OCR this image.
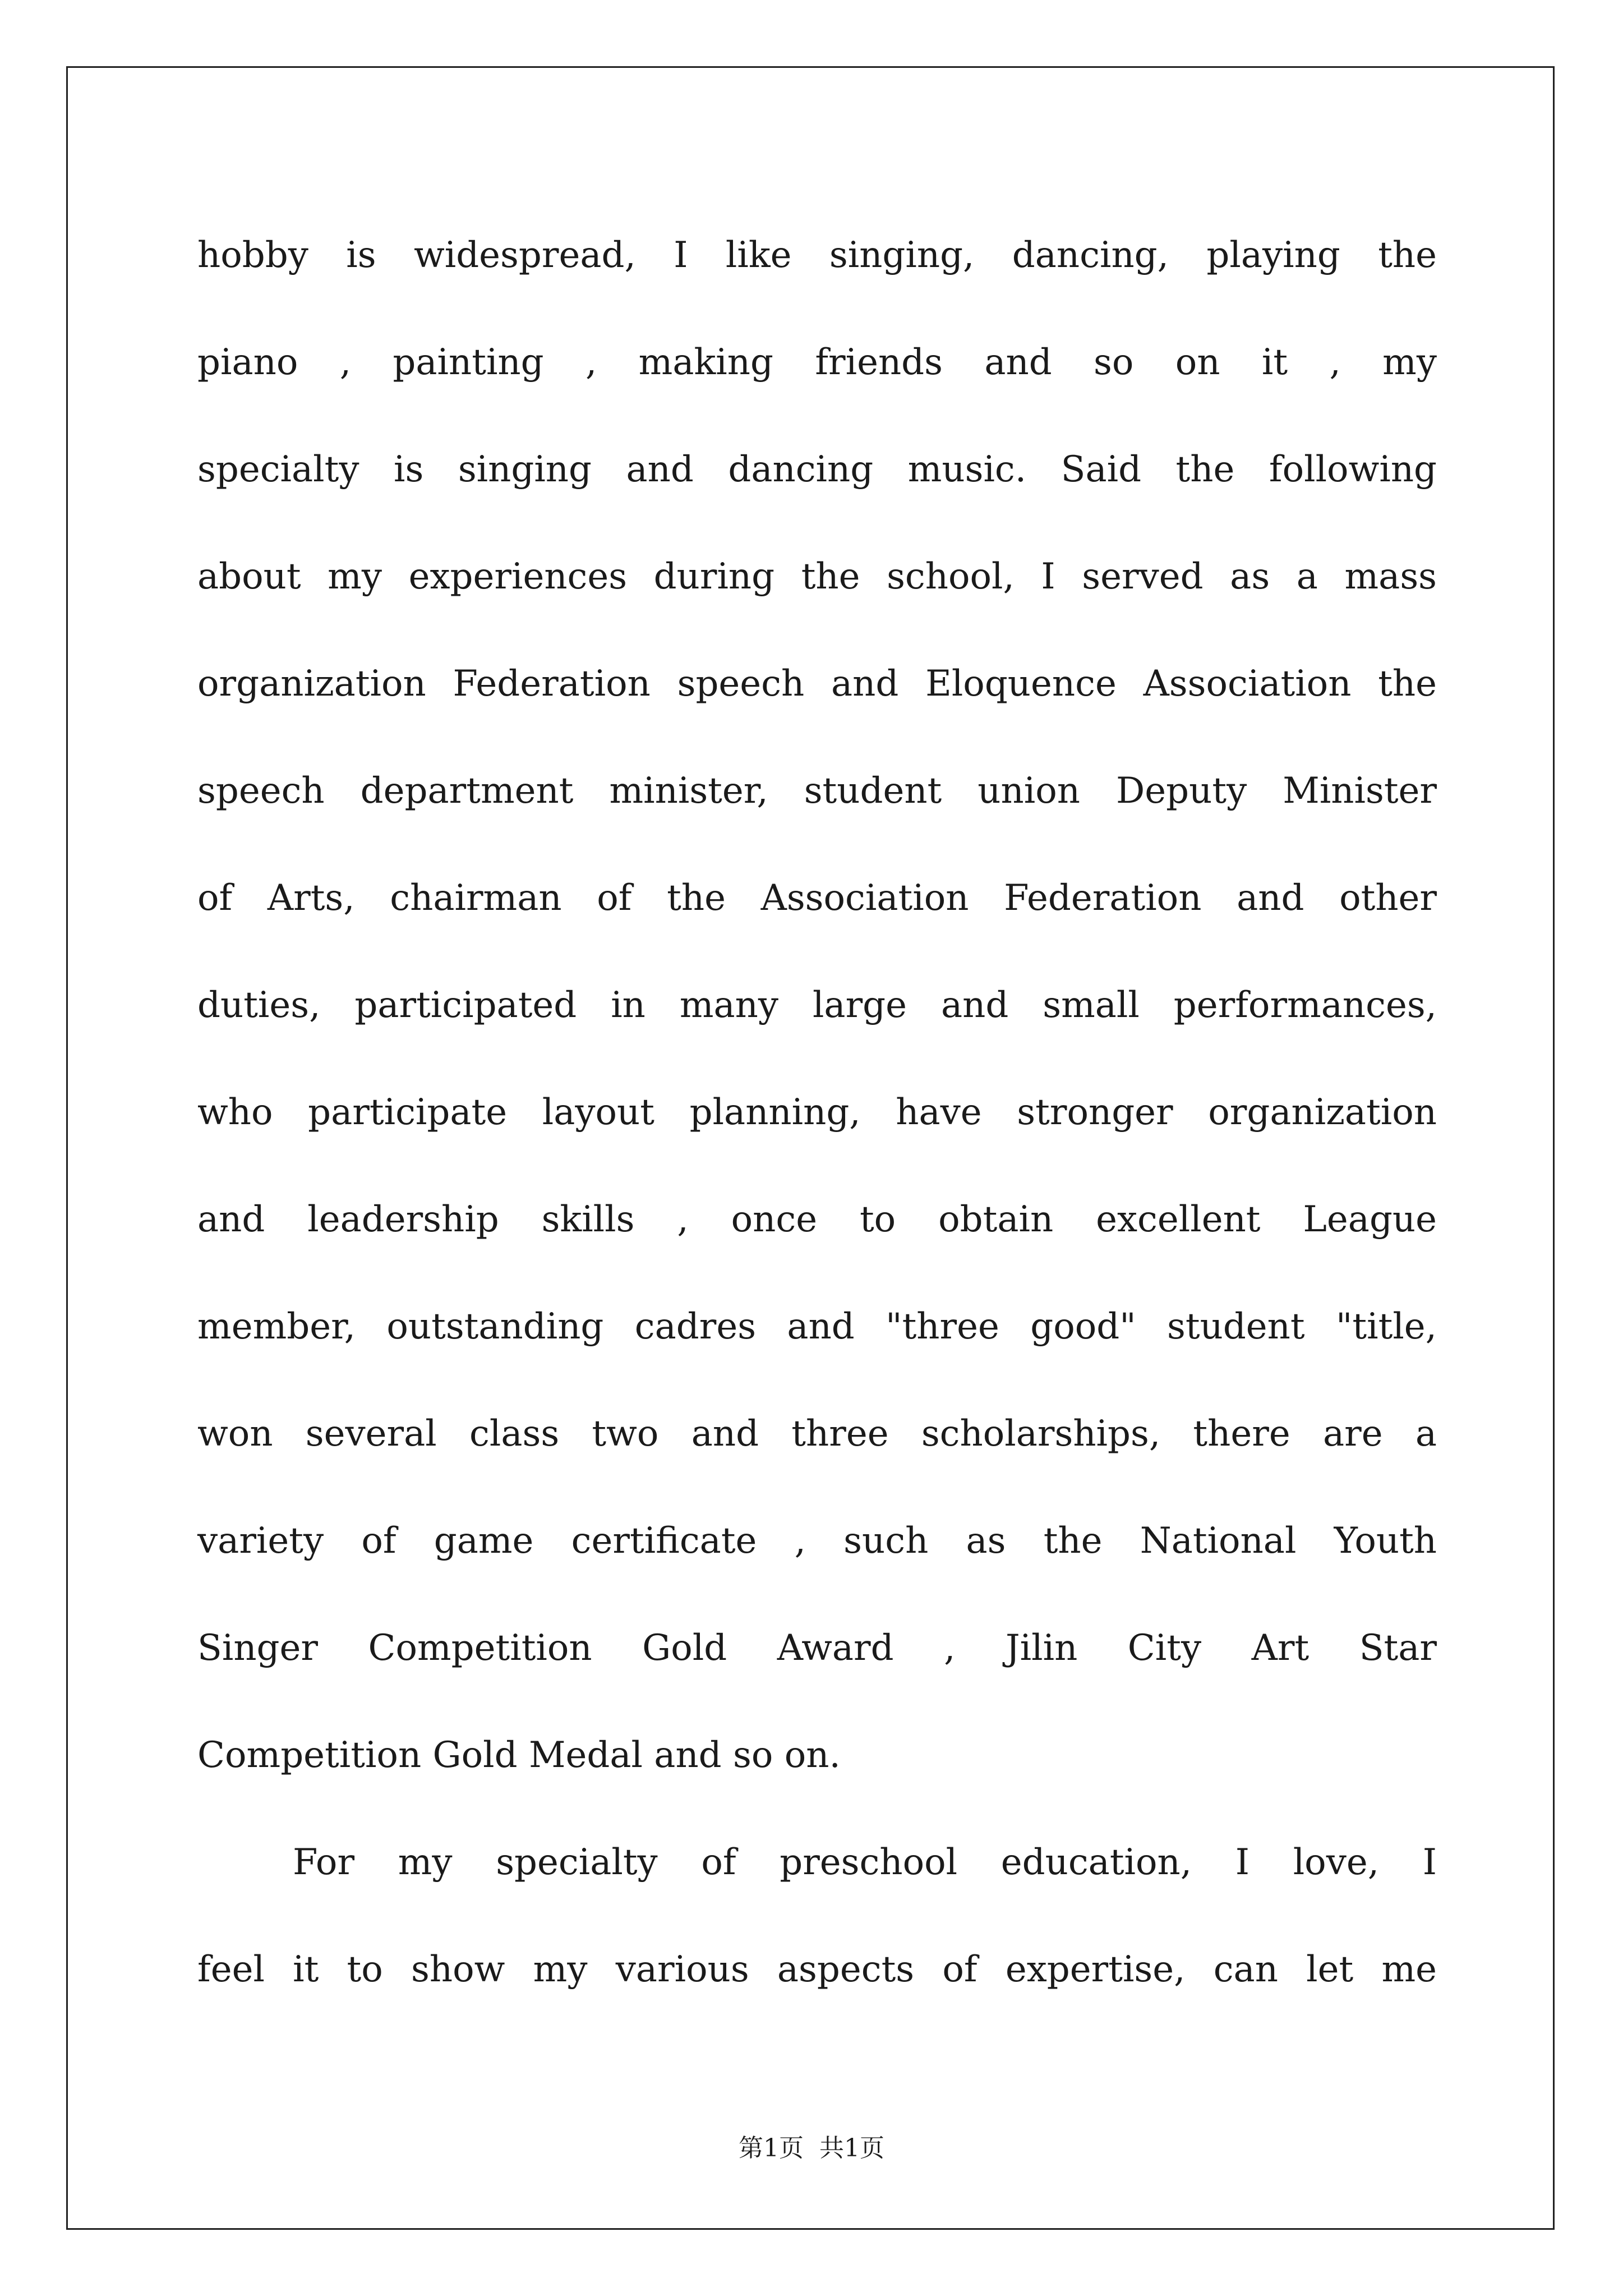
hobby is widespread, I like singing, dancing, playing the
piano , painting , making friends and so on it , my
specialty is singing and dancing music. Said the following
about my experiences during the school, I served as a mass
organization Federation speech and Eloquence Association the
speech department minister, student union Deputy Minister
of Arts, chairman of the Association Federation and other
duties, participated in many large and small performances,
who participate layout planning, have stronger organization
and leadership skills , once to obtain excellent League
member, outstanding cadres and "three good" student "title,
won several class two and three scholarships, there are a
variety of game certificate , such as the National Youth
Singer Competition Gold Award , Jilin City Art Star
Competition Gold Medal and so on.
For my specialty of preschool education, I love, I
feel it to show my various aspects of expertise, can let me
第1页  共1页
